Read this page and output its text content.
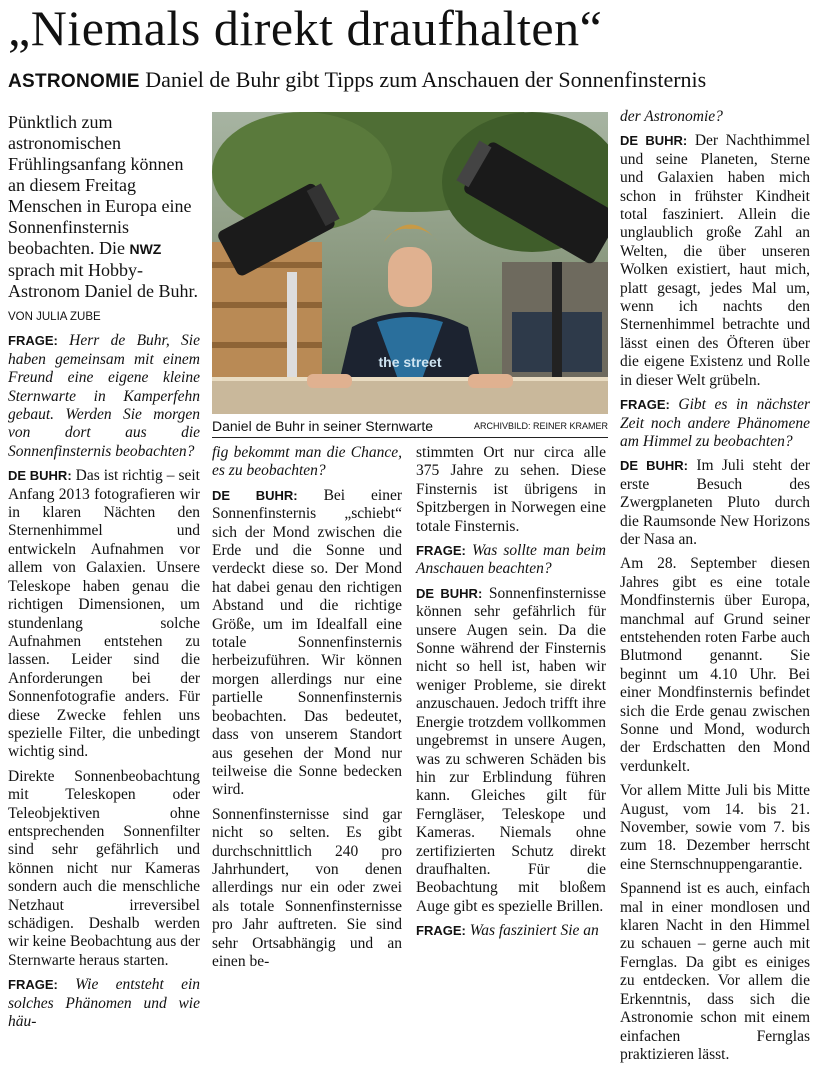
„Niemals direkt draufhalten“
ASTRONOMIE Daniel de Buhr gibt Tipps zum Anschauen der Sonnenfinsternis

Pünktlich zum astronomischen Frühlingsanfang können an diesem Freitag Menschen in Europa eine Sonnenfinsternis beobachten. Die NWZ sprach mit Hobby-Astronom Daniel de Buhr.

VON JULIA ZUBE

FRAGE: Herr de Buhr, Sie haben gemeinsam mit einem Freund eine eigene kleine Sternwarte in Kamperfehn gebaut. Werden Sie morgen von dort aus die Sonnenfinsternis beobachten?

DE BUHR: Das ist richtig – seit Anfang 2013 fotografieren wir in klaren Nächten den Sternenhimmel und entwickeln Aufnahmen vor allem von Galaxien. Unsere Teleskope haben genau die richtigen Dimensionen, um stundenlang solche Aufnahmen entstehen zu lassen. Leider sind die Anforderungen bei der Sonnenfotografie anders. Für diese Zwecke fehlen uns spezielle Filter, die unbedingt wichtig sind.

Direkte Sonnenbeobachtung mit Teleskopen oder Teleobjektiven ohne entsprechenden Sonnenfilter sind sehr gefährlich und können nicht nur Kameras sondern auch die menschliche Netzhaut irreversibel schädigen. Deshalb werden wir keine Beobachtung aus der Sternwarte heraus starten.

FRAGE: Wie entsteht ein solches Phänomen und wie häu-

the street
Daniel de Buhr in seiner Sternwarte	ARCHIVBILD: REINER KRAMER

fig bekommt man die Chance, es zu beobachten?

DE BUHR: Bei einer Sonnenfinsternis „schiebt“ sich der Mond zwischen die Erde und die Sonne und verdeckt diese so. Der Mond hat dabei genau den richtigen Abstand und die richtige Größe, um im Idealfall eine totale Sonnenfinsternis herbeizuführen. Wir können morgen allerdings nur eine partielle Sonnenfinsternis beobachten. Das bedeutet, dass von unserem Standort aus gesehen der Mond nur teilweise die Sonne bedecken wird.

Sonnenfinsternisse sind gar nicht so selten. Es gibt durchschnittlich 240 pro Jahrhundert, von denen allerdings nur ein oder zwei als totale Sonnenfinsternisse pro Jahr auftreten. Sie sind sehr Ortsabhängig und an einen be-

stimmten Ort nur circa alle 375 Jahre zu sehen. Diese Finsternis ist übrigens in Spitzbergen in Norwegen eine totale Finsternis.

FRAGE: Was sollte man beim Anschauen beachten?

DE BUHR: Sonnenfinsternisse können sehr gefährlich für unsere Augen sein. Da die Sonne während der Finsternis nicht so hell ist, haben wir weniger Probleme, sie direkt anzuschauen. Jedoch trifft ihre Energie trotzdem vollkommen ungebremst in unsere Augen, was zu schweren Schäden bis hin zur Erblindung führen kann. Gleiches gilt für Ferngläser, Teleskope und Kameras. Niemals ohne zertifizierten Schutz direkt draufhalten. Für die Beobachtung mit bloßem Auge gibt es spezielle Brillen.

FRAGE: Was fasziniert Sie an

der Astronomie?

DE BUHR: Der Nachthimmel und seine Planeten, Sterne und Galaxien haben mich schon in frühster Kindheit total fasziniert. Allein die unglaublich große Zahl an Welten, die über unseren Wolken existiert, haut mich, platt gesagt, jedes Mal um, wenn ich nachts den Sternenhimmel betrachte und lässt einen des Öfteren über die eigene Existenz und Rolle in dieser Welt grübeln.

FRAGE: Gibt es in nächster Zeit noch andere Phänomene am Himmel zu beobachten?

DE BUHR: Im Juli steht der erste Besuch des Zwergplaneten Pluto durch die Raumsonde New Horizons der Nasa an.

Am 28. September diesen Jahres gibt es eine totale Mondfinsternis über Europa, manchmal auf Grund seiner entstehenden roten Farbe auch Blutmond genannt. Sie beginnt um 4.10 Uhr. Bei einer Mondfinsternis befindet sich die Erde genau zwischen Sonne und Mond, wodurch der Erdschatten den Mond verdunkelt.

Vor allem Mitte Juli bis Mitte August, vom 14. bis 21. November, sowie vom 7. bis zum 18. Dezember herrscht eine Sternschnuppengarantie.

Spannend ist es auch, einfach mal in einer mondlosen und klaren Nacht in den Himmel zu schauen – gerne auch mit Fernglas. Da gibt es einiges zu entdecken. Vor allem die Erkenntnis, dass sich die Astronomie schon mit einem einfachen Fernglas praktizieren lässt.
